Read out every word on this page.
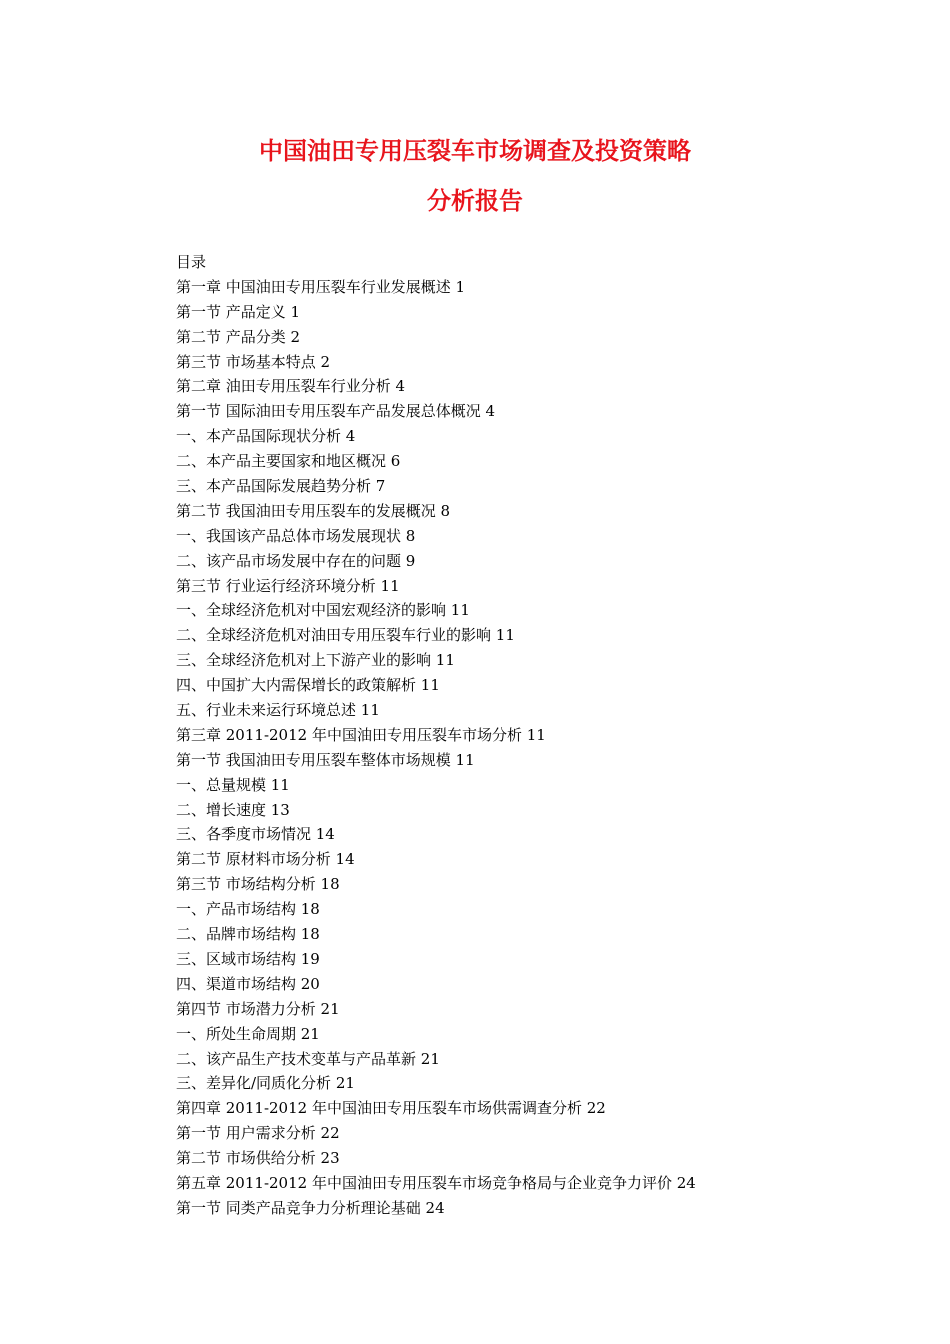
中国油田专用压裂车市场调查及投资策略
分析报告
目录
第一章 中国油田专用压裂车行业发展概述 1
第一节 产品定义 1
第二节 产品分类 2
第三节 市场基本特点 2
第二章 油田专用压裂车行业分析 4
第一节 国际油田专用压裂车产品发展总体概况 4
一、本产品国际现状分析 4
二、本产品主要国家和地区概况 6
三、本产品国际发展趋势分析 7
第二节 我国油田专用压裂车的发展概况 8
一、我国该产品总体市场发展现状 8
二、该产品市场发展中存在的问题 9
第三节 行业运行经济环境分析 11
一、全球经济危机对中国宏观经济的影响 11
二、全球经济危机对油田专用压裂车行业的影响 11
三、全球经济危机对上下游产业的影响 11
四、中国扩大内需保增长的政策解析 11
五、行业未来运行环境总述 11
第三章 2011-2012 年中国油田专用压裂车市场分析 11
第一节 我国油田专用压裂车整体市场规模 11
一、总量规模 11
二、增长速度 13
三、各季度市场情况 14
第二节 原材料市场分析 14
第三节 市场结构分析 18
一、产品市场结构 18
二、品牌市场结构 18
三、区域市场结构 19
四、渠道市场结构 20
第四节 市场潜力分析 21
一、所处生命周期 21
二、该产品生产技术变革与产品革新 21
三、差异化/同质化分析 21
第四章 2011-2012 年中国油田专用压裂车市场供需调查分析 22
第一节 用户需求分析 22
第二节 市场供给分析 23
第五章 2011-2012 年中国油田专用压裂车市场竞争格局与企业竞争力评价 24
第一节 同类产品竞争力分析理论基础 24
